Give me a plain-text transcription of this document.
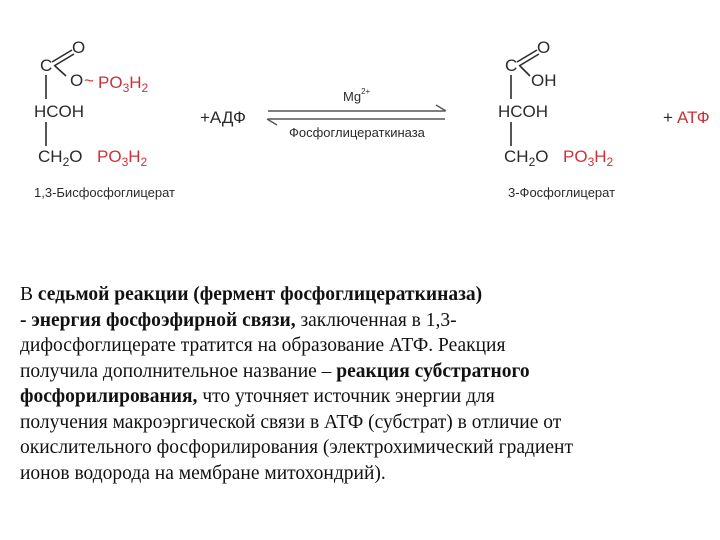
C
O
O ~ $PO_3H_2$
HCOH
$CH_2O$ $PO_3H_2$
1,3-Бисфосфоглицерат
+АДФ
$Mg^{2+}$
Фосфоглицераткиназа
C
O
OH
HCOH
$CH_2O$ $PO_3H_2$
3-Фосфоглицерат
+ АТФ
В седьмой реакции (фермент фосфоглицераткиназа)
- энергия фосфоэфирной связи, заключенная в 1,3-
дифосфоглицерате тратится на образование АТФ. Реакция
получила дополнительное название – реакция субстратного
фосфорилирования, что уточняет источник энергии для
получения макроэргической связи в АТФ (субстрат) в отличие от
окислительного фосфорилирования (электрохимический градиент
ионов водорода на мембране митохондрий).
